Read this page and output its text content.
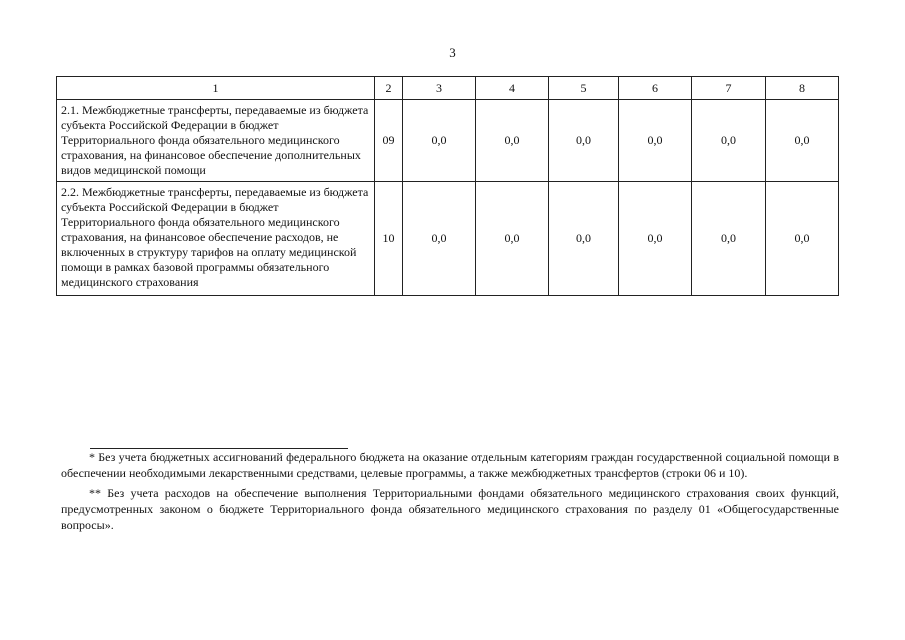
3
1	2	3	4	5	6	7	8
2.1. Межбюджетные трансферты, передаваемые из бюджета субъекта Российской Федерации в бюджет Территориального фонда обязательного медицинского страхования, на финансовое обеспечение дополнительных видов медицинской помощи	09	0,0	0,0	0,0	0,0	0,0	0,0
2.2. Межбюджетные трансферты, передаваемые из бюджета субъекта Российской Федерации в бюджет Территориального фонда обязательного медицинского страхования, на финансовое обеспечение расходов, не включенных в структуру тарифов на оплату медицинской помощи в рамках базовой программы обязательного медицинского страхования	10	0,0	0,0	0,0	0,0	0,0	0,0

* Без учета бюджетных ассигнований федерального бюджета на оказание отдельным категориям граждан государственной социальной помощи в обеспечении необходимыми лекарственными средствами, целевые программы, а также межбюджетных трансфертов (строки 06 и 10).

** Без учета расходов на обеспечение выполнения Территориальными фондами обязательного медицинского страхования своих функций, предусмотренных законом о бюджете Территориального фонда обязательного медицинского страхования по разделу 01 «Общегосударственные вопросы».
